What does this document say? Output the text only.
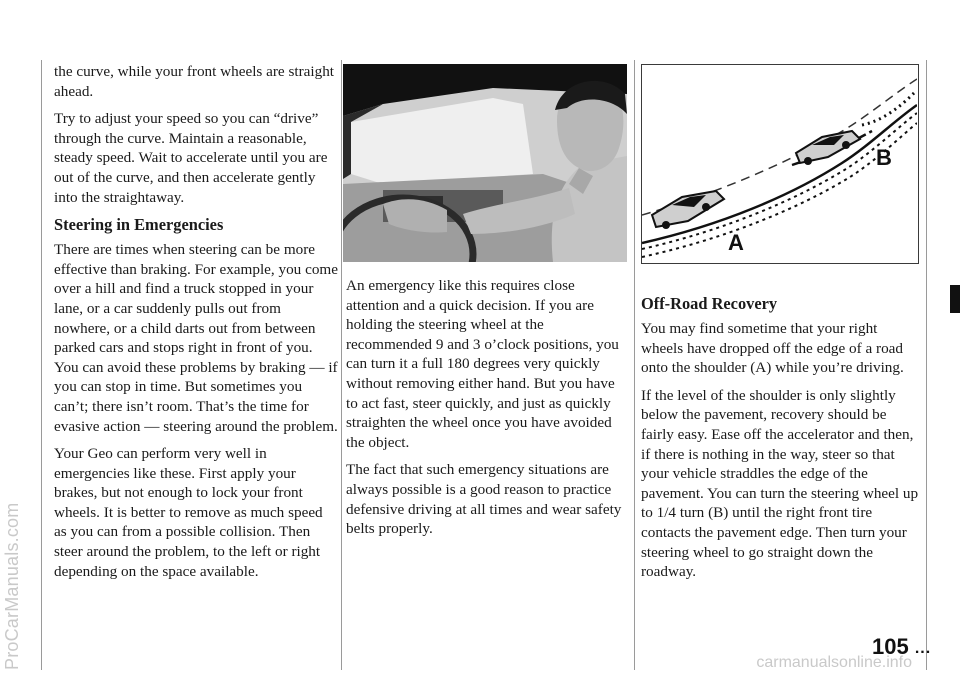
ProCarManuals.com	carmanualsonline.info

the curve, while your front wheels are straight ahead.

Try to adjust your speed so you can “drive” through the curve. Maintain a reasonable, steady speed. Wait to accelerate until you are out of the curve, and then accelerate gently into the straightaway.

Steering in Emergencies

There are times when steering can be more effective than braking. For example, you come over a hill and find a truck stopped in your lane, or a car suddenly pulls out from nowhere, or a child darts out from between parked cars and stops right in front of you. You can avoid these problems by braking — if you can stop in time. But sometimes you can’t; there isn’t room. That’s the time for evasive action — steering around the problem.

Your Geo can perform very well in emergencies like these. First apply your brakes, but not enough to lock your front wheels. It is better to remove as much speed as you can from a possible collision. Then steer around the problem, to the left or right depending on the space available.

A
B

An emergency like this requires close attention and a quick decision. If you are holding the steering wheel at the recommended 9 and 3 o’clock positions, you can turn it a full 180 degrees very quickly without removing either hand. But you have to act fast, steer quickly, and just as quickly straighten the wheel once you have avoided the object.

The fact that such emergency situations are always possible is a good reason to practice defensive driving at all times and wear safety belts properly.

Off-Road Recovery

You may find sometime that your right wheels have dropped off the edge of a road onto the shoulder (A) while you’re driving.

If the level of the shoulder is only slightly below the pavement, recovery should be fairly easy. Ease off the accelerator and then, if there is nothing in the way, steer so that your vehicle straddles the edge of the pavement. You can turn the steering wheel up to 1/4 turn (B) until the right front tire contacts the pavement edge. Then turn your steering wheel to go straight down the roadway.

105 ...
